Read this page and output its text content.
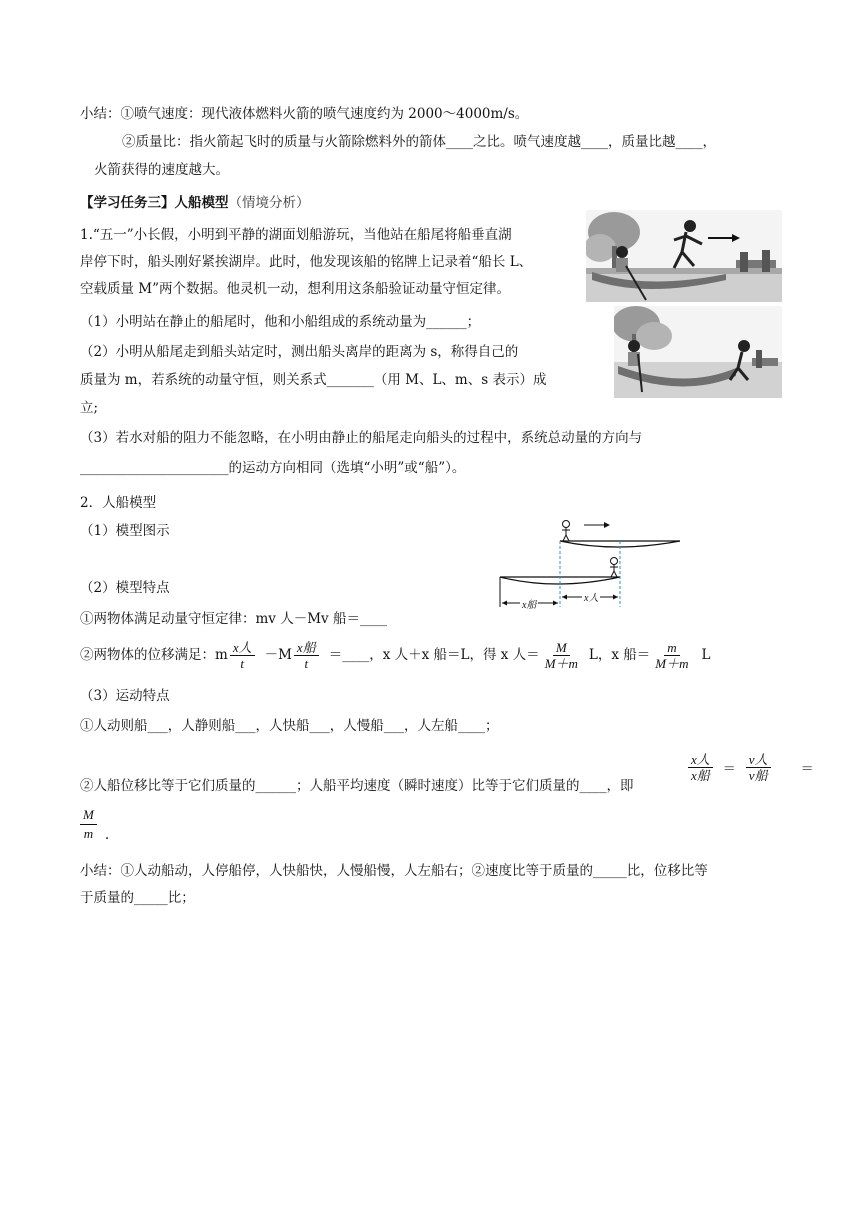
小结：①喷气速度：现代液体燃料火箭的喷气速度约为 2000～4000m/s。
②质量比：指火箭起飞时的质量与火箭除燃料外的箭体____之比。喷气速度越____，质量比越____，
火箭获得的速度越大。
【学习任务三】人船模型（情境分析）
1.“五一”小长假，小明到平静的湖面划船游玩，当他站在船尾将船垂直湖
岸停下时，船头刚好紧挨湖岸。此时，他发现该船的铭牌上记录着“船长 L、
空载质量 M”两个数据。他灵机一动，想利用这条船验证动量守恒定律。
（1）小明站在静止的船尾时，他和小船组成的系统动量为______；
（2）小明从船尾走到船头站定时，测出船头离岸的距离为 s，称得自己的
质量为 m，若系统的动量守恒，则关系式_______（用 M、L、m、s 表示）成
立;
（3）若水对船的阻力不能忽略，在小明由静止的船尾走向船头的过程中，系统总动量的方向与
______________________的运动方向相同（选填“小明”或“船”）。
2．人船模型
（1）模型图示
（2）模型特点
x船
x人
①两物体满足动量守恒定律：mv 人－Mv 船＝____
②两物体的位移满足：m $\frac{\text{x人}}{t} -M \frac{\text{x船}}{t}$ ＝____，x 人＋x 船＝L，得 x 人＝ $\frac{M}{M+m}$ L，x 船＝ $\frac{m}{M+m}$ L
（3）运动特点
①人动则船___，人静则船___，人快船___，人慢船___，人左船____；
②人船位移比等于它们质量的______；人船平均速度（瞬时速度）比等于它们质量的____，即
$\frac{\text{x人}}{\text{x船}} = \frac{\text{v人}}{\text{v船}}$ ＝
$\frac{M}{m}$ .
小结：①人动船动，人停船停，人快船快，人慢船慢，人左船右；②速度比等于质量的_____比，位移比等
于质量的_____比；
